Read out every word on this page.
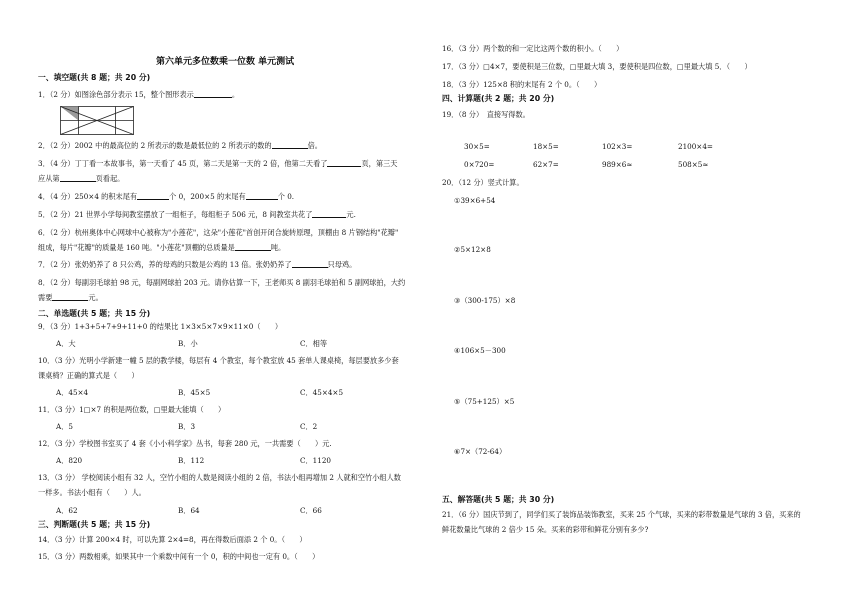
第六单元多位数乘一位数 单元测试
一、填空题(共 8 题；共 20 分)
1．（2 分）如图涂色部分表示 15，整个图形表示	。
2．（2 分）2002 中的最高位的 2 所表示的数是最低位的 2 所表示的数的	倍。
3．（4 分）丁丁看一本故事书，第一天看了 45 页，第二天是第一天的 2 倍，他第二天看了	页，第三天
应从第	页看起。
4．（4 分）250×4 的积末尾有	个 0，200×5 的末尾有	个 0.
5．（2 分）21 世界小学每间教室摆放了一组柜子，每组柜子 506 元，8 间教室共花了	元.
6．（2 分）杭州奥体中心网球中心被称为"小莲花"，这朵"小莲花"首创开闭合旋转原理，顶棚由 8 片钢结构"花瓣"
组成，每片"花瓣"的质量是 160 吨。"小莲花"顶棚的总质量是	吨。
7．（2 分）张奶奶养了 8 只公鸡，养的母鸡的只数是公鸡的 13 倍。张奶奶养了	只母鸡。
8．（2 分）每副羽毛球拍 98 元，每副网球拍 203 元。请你估算一下，王老师买 8 副羽毛球拍和 5 副网球拍，大约
需要	元。
二、单选题(共 5 题；共 15 分)
9．（3 分）1+3+5+7+9+11+0 的结果比 1×3×5×7×9×11×0（　　）
A．大	B．小	C．相等
10．（3 分）光明小学新建一幢 5 层的教学楼，每层有 4 个教室，每个教室放 45 套单人课桌椅，每层要放多少套
课桌椅？正确的算式是（　　）
A．45×4	B．45×5	C．45×4×5
11．（3 分）1□×7 的积是两位数，□里最大能填（　　）
A．5	B．3	C．2
12．（3 分）学校图书室买了 4 套《小小科学家》丛书，每套 280 元，一共需要（　　）元.
A．820	B．112	C．1120
13．（3 分） 学校阅读小组有 32 人，空竹小组的人数是阅读小组的 2 倍，书法小组再增加 2 人就和空竹小组人数
一样多。书法小组有（　　）人。
A．62	B．64	C．66
三、判断题(共 5 题；共 15 分)
14．（3 分）计算 200×4 时，可以先算 2×4=8，再在得数后面添 2 个 0。（　　）
15．（3 分）两数相乘，如果其中一个乘数中间有一个 0，积的中间也一定有 0。（　　）
16．（3 分）两个数的和一定比这两个数的积小。（　　）
17．（3 分）□4×7，要使积是三位数，□里最大填 3，要使积是四位数，□里最大填 5．（　　）
18．（3 分）125×8 积的末尾有 2 个 0。（　　）
四、计算题(共 2 题；共 20 分)
19．（8 分）　直接写得数。
30×5=	18×5=	102×3=	2100×4=
0×720=	62×7=	989×6≈	508×5≈
20．（12 分）竖式计算。
①39×6+54
②5×12×8
③（300-175）×8
④106×5－300
⑤（75+125）×5
⑥7×（72-64）
五、解答题(共 5 题；共 30 分)
21．（6 分）国庆节到了，同学们买了装饰品装饰教室，买来 25 个气球，买来的彩带数量是气球的 3 倍，买来的
鲜花数量比气球的 2 倍少 15 朵。买来的彩带和鲜花分别有多少?
